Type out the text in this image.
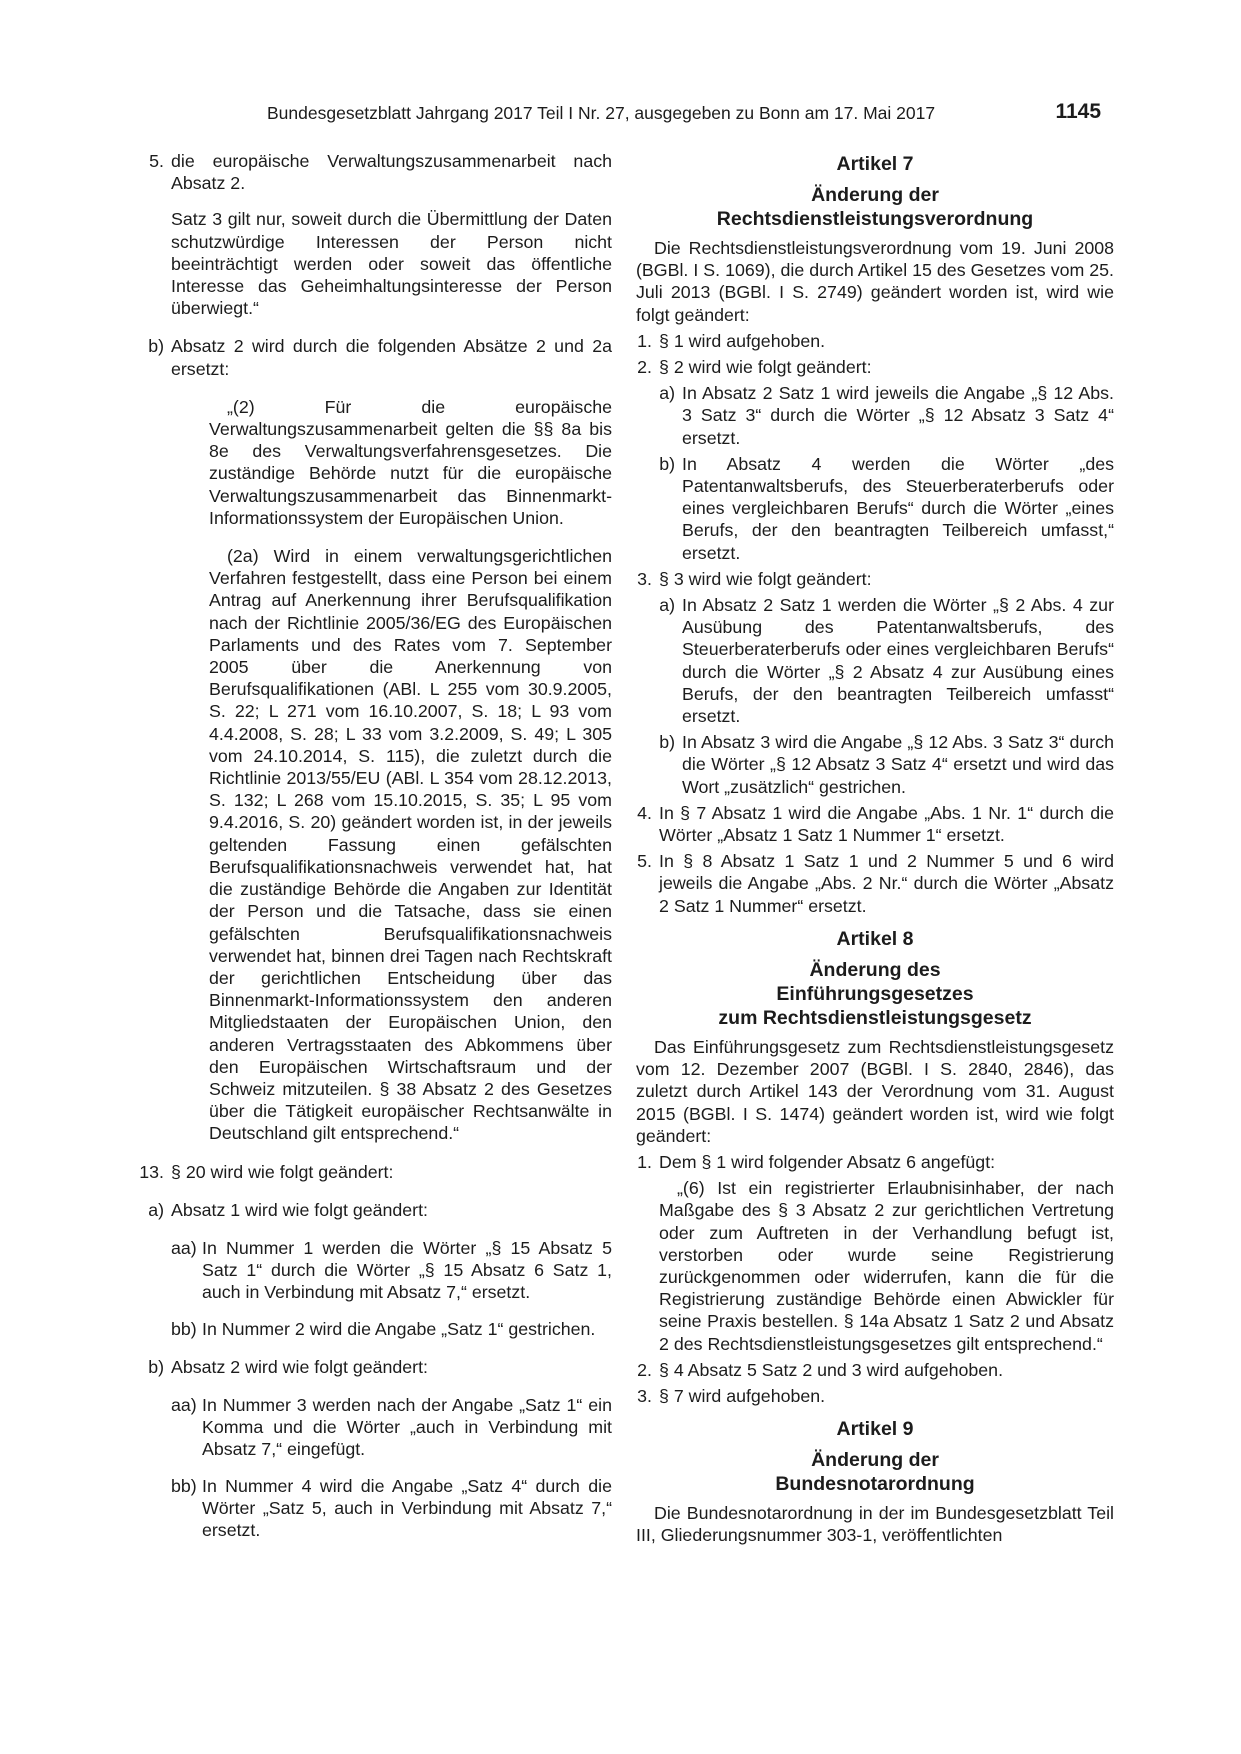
Bundesgesetzblatt Jahrgang 2017 Teil I Nr. 27, ausgegeben zu Bonn am 17. Mai 2017	1145
5. die europäische Verwaltungszusammenarbeit nach Absatz 2.

Satz 3 gilt nur, soweit durch die Übermittlung der Daten schutzwürdige Interessen der Person nicht beeinträchtigt werden oder soweit das öffentliche Interesse das Geheimhaltungsinteresse der Person überwiegt.“

b) Absatz 2 wird durch die folgenden Absätze 2 und 2a ersetzt:

„(2) Für die europäische Verwaltungszusammenarbeit gelten die §§ 8a bis 8e des Verwaltungsverfahrensgesetzes. Die zuständige Behörde nutzt für die europäische Verwaltungszusammenarbeit das Binnenmarkt-Informationssystem der Europäischen Union.

(2a) Wird in einem verwaltungsgerichtlichen Verfahren festgestellt, dass eine Person bei einem Antrag auf Anerkennung ihrer Berufsqualifikation nach der Richtlinie 2005/36/EG des Europäischen Parlaments und des Rates vom 7. September 2005 über die Anerkennung von Berufsqualifikationen (ABl. L 255 vom 30.9.2005, S. 22; L 271 vom 16.10.2007, S. 18; L 93 vom 4.4.2008, S. 28; L 33 vom 3.2.2009, S. 49; L 305 vom 24.10.2014, S. 115), die zuletzt durch die Richtlinie 2013/55/EU (ABl. L 354 vom 28.12.2013, S. 132; L 268 vom 15.10.2015, S. 35; L 95 vom 9.4.2016, S. 20) geändert worden ist, in der jeweils geltenden Fassung einen gefälschten Berufsqualifikationsnachweis verwendet hat, hat die zuständige Behörde die Angaben zur Identität der Person und die Tatsache, dass sie einen gefälschten Berufsqualifikationsnachweis verwendet hat, binnen drei Tagen nach Rechtskraft der gerichtlichen Entscheidung über das Binnenmarkt-Informationssystem den anderen Mitgliedstaaten der Europäischen Union, den anderen Vertragsstaaten des Abkommens über den Europäischen Wirtschaftsraum und der Schweiz mitzuteilen. § 38 Absatz 2 des Gesetzes über die Tätigkeit europäischer Rechtsanwälte in Deutschland gilt entsprechend.“

13. § 20 wird wie folgt geändert:

a) Absatz 1 wird wie folgt geändert:

aa) In Nummer 1 werden die Wörter „§ 15 Absatz 5 Satz 1“ durch die Wörter „§ 15 Absatz 6 Satz 1, auch in Verbindung mit Absatz 7,“ ersetzt.

bb) In Nummer 2 wird die Angabe „Satz 1“ gestrichen.

b) Absatz 2 wird wie folgt geändert:

aa) In Nummer 3 werden nach der Angabe „Satz 1“ ein Komma und die Wörter „auch in Verbindung mit Absatz 7,“ eingefügt.

bb) In Nummer 4 wird die Angabe „Satz 4“ durch die Wörter „Satz 5, auch in Verbindung mit Absatz 7,“ ersetzt.

Artikel 7

Änderung der Rechtsdienstleistungsverordnung

Die Rechtsdienstleistungsverordnung vom 19. Juni 2008 (BGBl. I S. 1069), die durch Artikel 15 des Gesetzes vom 25. Juli 2013 (BGBl. I S. 2749) geändert worden ist, wird wie folgt geändert:

1. § 1 wird aufgehoben.

2. § 2 wird wie folgt geändert:

a) In Absatz 2 Satz 1 wird jeweils die Angabe „§ 12 Abs. 3 Satz 3“ durch die Wörter „§ 12 Absatz 3 Satz 4“ ersetzt.

b) In Absatz 4 werden die Wörter „des Patentanwaltsberufs, des Steuerberaterberufs oder eines vergleichbaren Berufs“ durch die Wörter „eines Berufs, der den beantragten Teilbereich umfasst,“ ersetzt.

3. § 3 wird wie folgt geändert:

a) In Absatz 2 Satz 1 werden die Wörter „§ 2 Abs. 4 zur Ausübung des Patentanwaltsberufs, des Steuerberaterberufs oder eines vergleichbaren Berufs“ durch die Wörter „§ 2 Absatz 4 zur Ausübung eines Berufs, der den beantragten Teilbereich umfasst“ ersetzt.

b) In Absatz 3 wird die Angabe „§ 12 Abs. 3 Satz 3“ durch die Wörter „§ 12 Absatz 3 Satz 4“ ersetzt und wird das Wort „zusätzlich“ gestrichen.

4. In § 7 Absatz 1 wird die Angabe „Abs. 1 Nr. 1“ durch die Wörter „Absatz 1 Satz 1 Nummer 1“ ersetzt.

5. In § 8 Absatz 1 Satz 1 und 2 Nummer 5 und 6 wird jeweils die Angabe „Abs. 2 Nr.“ durch die Wörter „Absatz 2 Satz 1 Nummer“ ersetzt.

Artikel 8

Änderung des

Einführungsgesetzes

zum Rechtsdienstleistungsgesetz

Das Einführungsgesetz zum Rechtsdienstleistungsgesetz vom 12. Dezember 2007 (BGBl. I S. 2840, 2846), das zuletzt durch Artikel 143 der Verordnung vom 31. August 2015 (BGBl. I S. 1474) geändert worden ist, wird wie folgt geändert:

1. Dem § 1 wird folgender Absatz 6 angefügt:

„(6) Ist ein registrierter Erlaubnisinhaber, der nach Maßgabe des § 3 Absatz 2 zur gerichtlichen Vertretung oder zum Auftreten in der Verhandlung befugt ist, verstorben oder wurde seine Registrierung zurückgenommen oder widerrufen, kann die für die Registrierung zuständige Behörde einen Abwickler für seine Praxis bestellen. § 14a Absatz 1 Satz 2 und Absatz 2 des Rechtsdienstleistungsgesetzes gilt entsprechend.“

2. § 4 Absatz 5 Satz 2 und 3 wird aufgehoben.

3. § 7 wird aufgehoben.

Artikel 9

Änderung der

Bundesnotarordnung

Die Bundesnotarordnung in der im Bundesgesetzblatt Teil III, Gliederungsnummer 303-1, veröffentlichten
